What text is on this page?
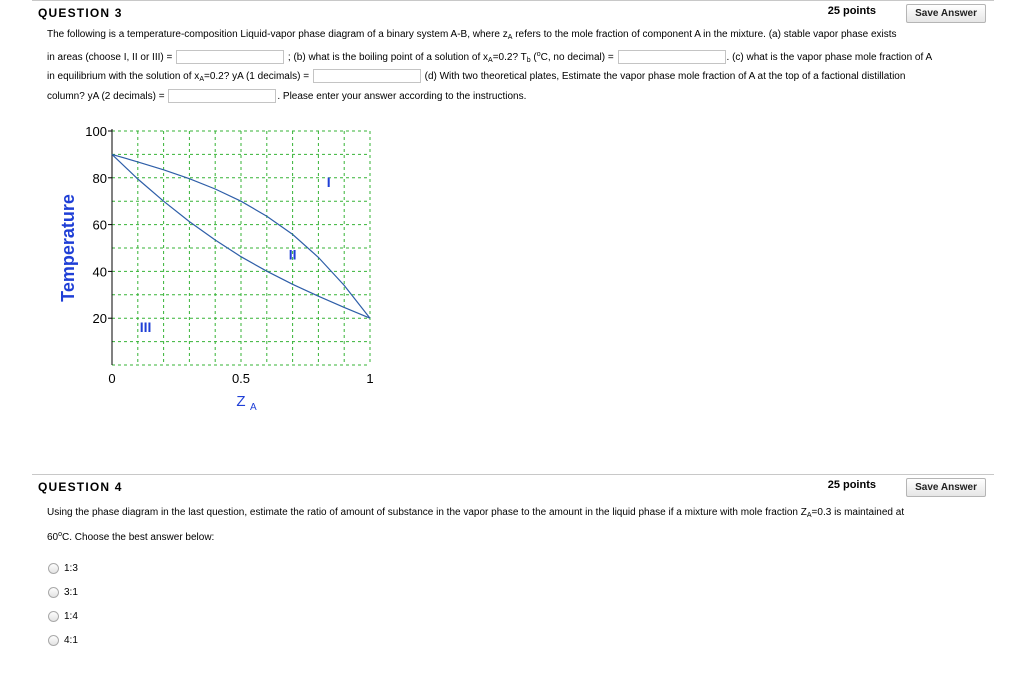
QUESTION 3	25 points	Save Answer
The following is a temperature-composition Liquid-vapor phase diagram of a binary system A-B, where $z_A$ refers to the mole fraction of component A in the mixture. (a) stable vapor phase exists
in areas (choose I, II or III) =	; (b) what is the boiling point of a solution of $x_A=0.2$? $T_b$ ($^o$C, no decimal) =	. (c) what is the vapor phase mole fraction of A
in equilibrium with the solution of $x_A=0.2$? yA (1 decimals) =	(d) With two theoretical plates, Estimate the vapor phase mole fraction of A at the top of a factional distillation
column? yA (2 decimals) =	. Please enter your answer according to the instructions.
100
80
60
40
20
0	0.5	1
Z A
Temperature
I
II
III
QUESTION 4	25 points	Save Answer
Using the phase diagram in the last question, estimate the ratio of amount of substance in the vapor phase to the amount in the liquid phase if a mixture with mole fraction $Z_A=0.3$ is maintained at
60$^o$C. Choose the best answer below:
1:3
3:1
1:4
4:1
